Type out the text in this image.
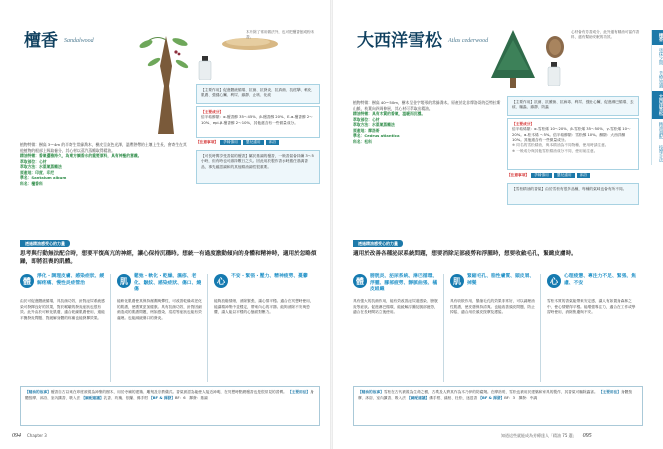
檀香 Sandalwood
木片除了常用做法外，也可把檀香刨成粉末香。
【主要作用】促進體液循環、抗菌、抗發炎、抗真菌、抗痙攣、軟化肌膚、強健心臟、利尿、鎮靜、止咳、化痰
【主要成分】
倍半萜醇類：α-檀香醇 35～45%、β-檀香醇 20%、E-α-檀香醇 2～10%、epi-β-檀香醇 2～10%，其他還含有一些微量成分。
【注意事項】	孕婦慎用	嬰兒適用	沐浴
【可長時間享受香氣的檀香】屬於基調的檀香，一般香氣會持續 3～5 小時，但有時也可維持數日之久。因此用於製作香水時擔任基調香品，事先確認調和的其他精油調性很重要。
植物特徵：樹高 3～4m 的半寄生常綠喬木，樹皮呈灰色光澤，溫帶熱帶的土壤上生長，會寄生在其他植物的根部上吸取養分，其心材以蒸汽蒸餾取得精油。
精油特徵：香氣優雅持久，為東方調香水的重要原料，具有神聖的意義。
萃取部位：心材
萃取方法：水蒸氣蒸餾法
原產地：印度、印尼
學名：Santalum album
科名：檀香科
透過精油感受心的力量
思考與行動無法配合時，想要平復高亢的神經，讓心保持沉穩時。想統一有過度激動傾向的身體和精神時，適用於忽略煩躁，即將沮喪的肌體。
體	淨化・調理皮膚、感染症狀、緩解疼痛、慢性炎症管治
由於可促進體液循環，具抗菌功效，針對泌尿系統感染可發揮良好的效果，對於喉嚨的發炎症狀也很有效。此外由於可軟化肌膚，適合乾燥肌膚使用，還能平撫發炎問題、對緩解身體的疼痛也能發揮效果。
肌	鬆弛・軟化・乾燥、濕疹、老化、皺紋、感染症狀、傷口、燒傷
能軟化肌膚使其保持濕潤與彈性，可改善乾燥或老化的肌膚，使膚質更加健康。具有抗菌功效，針對因細菌造成的肌膚問題，例如感染、痘痘等症狀也能有效處理。也能減緩傷口的發炎。
心	不安・緊張・壓力、精神疲勞、憂鬱
能夠放鬆情緒，消除緊張，讓心情平穩。適合在冥想時使用，能讓精神集中並穩定，帶來內心的平靜。能夠消除不安與恐懼，讓人能以平穩的心態面對壓力。
【精油的故事】檀香自古以來在印度被視為神聖的樹木，用於寺廟的建築、雕刻及宗教儀式。香氣被認為能使人接近神明，在冥想時點燃檀香也是很常見的習慣。 【主要用法】身體按摩、沐浴、室內擴香、吸入法 【調配建議】乳香、玫瑰、依蘭、佛手柑 【BF & 揮發】BF：6　揮發：基調
094 Chapter 3
大西洋雪松 Atlas cederwood
心材會有芳香成分，此外還有精油可當作香料，還有幫助安眠的功效。
【主要作用】抗菌、抗黴菌、抗病毒、利尿、強壯心臟、促進淋巴循環、去痰、驅蟲、鎮靜、防蟲
【主要成分】
倍半萜烯類：α-雪松烯 10～20%、β-雪松烯 35～50%、γ-雪松烯 10～20%。α-松木烯 ～5%。倍半萜醇類：雪松醇 10%。酮類：大西洋酮 10%。其他還含有一些微量成分。
※ 同名的雪松精油，與本精油為不同物種，使用時請注意。
※ 一般成分與其他雪松精油成分不同，使用前注意。
【注意事項】	孕婦慎用	嬰兒適用	沐浴
【雪松精油的香氣】由於雪松有很多品種，每種的氣味也會有所不同。
植物特徵：樹高 40～50m，樹木呈金字塔形的常綠喬木。原產於北非摩洛哥的亞特拉斯山脈，枝葉向四周伸展，其心材可萃取出精油。
精油特徵：具有木質的香氣，溫暖而沉穩。
萃取部位：心材
萃取方法：水蒸氣蒸餾法
原產地：摩洛哥
學名：Cedrus atlantica
科名：松科
透過精油感受心的力量
適用於改善各種泌尿系統問題，想要消除足部疲勞和浮腫時，想要收斂毛孔，緊緻皮膚時。
體	膀胱炎、泌尿系統、淋巴循環、浮腫、腳部疲勞、靜脈曲張、橘皮組織
具有強大的抗菌作用，能有效改善泌尿道感染、膀胱炎等症狀。促進淋巴循環，能緩解浮腫及腿部疲勞，適合在長時間站立後使用。
肌	緊縮毛孔、脂性膚質、頭皮屑、掉髮
具有收斂作用，緊縮毛孔的效果非常好，可以調理油性肌膚，使皮膚保持清爽。也能改善頭皮問題，防止掉髮，適合用於頭皮按摩及護髮。
心	心理疲憊、專注力不足、緊張、焦慮、不安
雪松木質的香氣能帶來安定感，讓人有如置身森林之中，使心情變得平穩。能增強專注力，適合在工作或學習時使用，消除焦慮與不安。
【精油的故事】雪松在古代被視為生命之樹，古埃及人將其作為木乃伊的防腐劑。在摩洛哥，雪松也被用於建築和家具的製作，其香氣可驅除蟲害。 【主要用法】身體按摩、沐浴、室內擴香、吸入法 【調配建議】佛手柑、絲柏、杜松、迷迭香 【BF & 揮發】BF：3　揮發：中調
知道這些就能成為芳療達人「精油 75 選」 095
檀香
塗抹之間
芳療知識
大西洋雪松
精油調配
按摩手法
